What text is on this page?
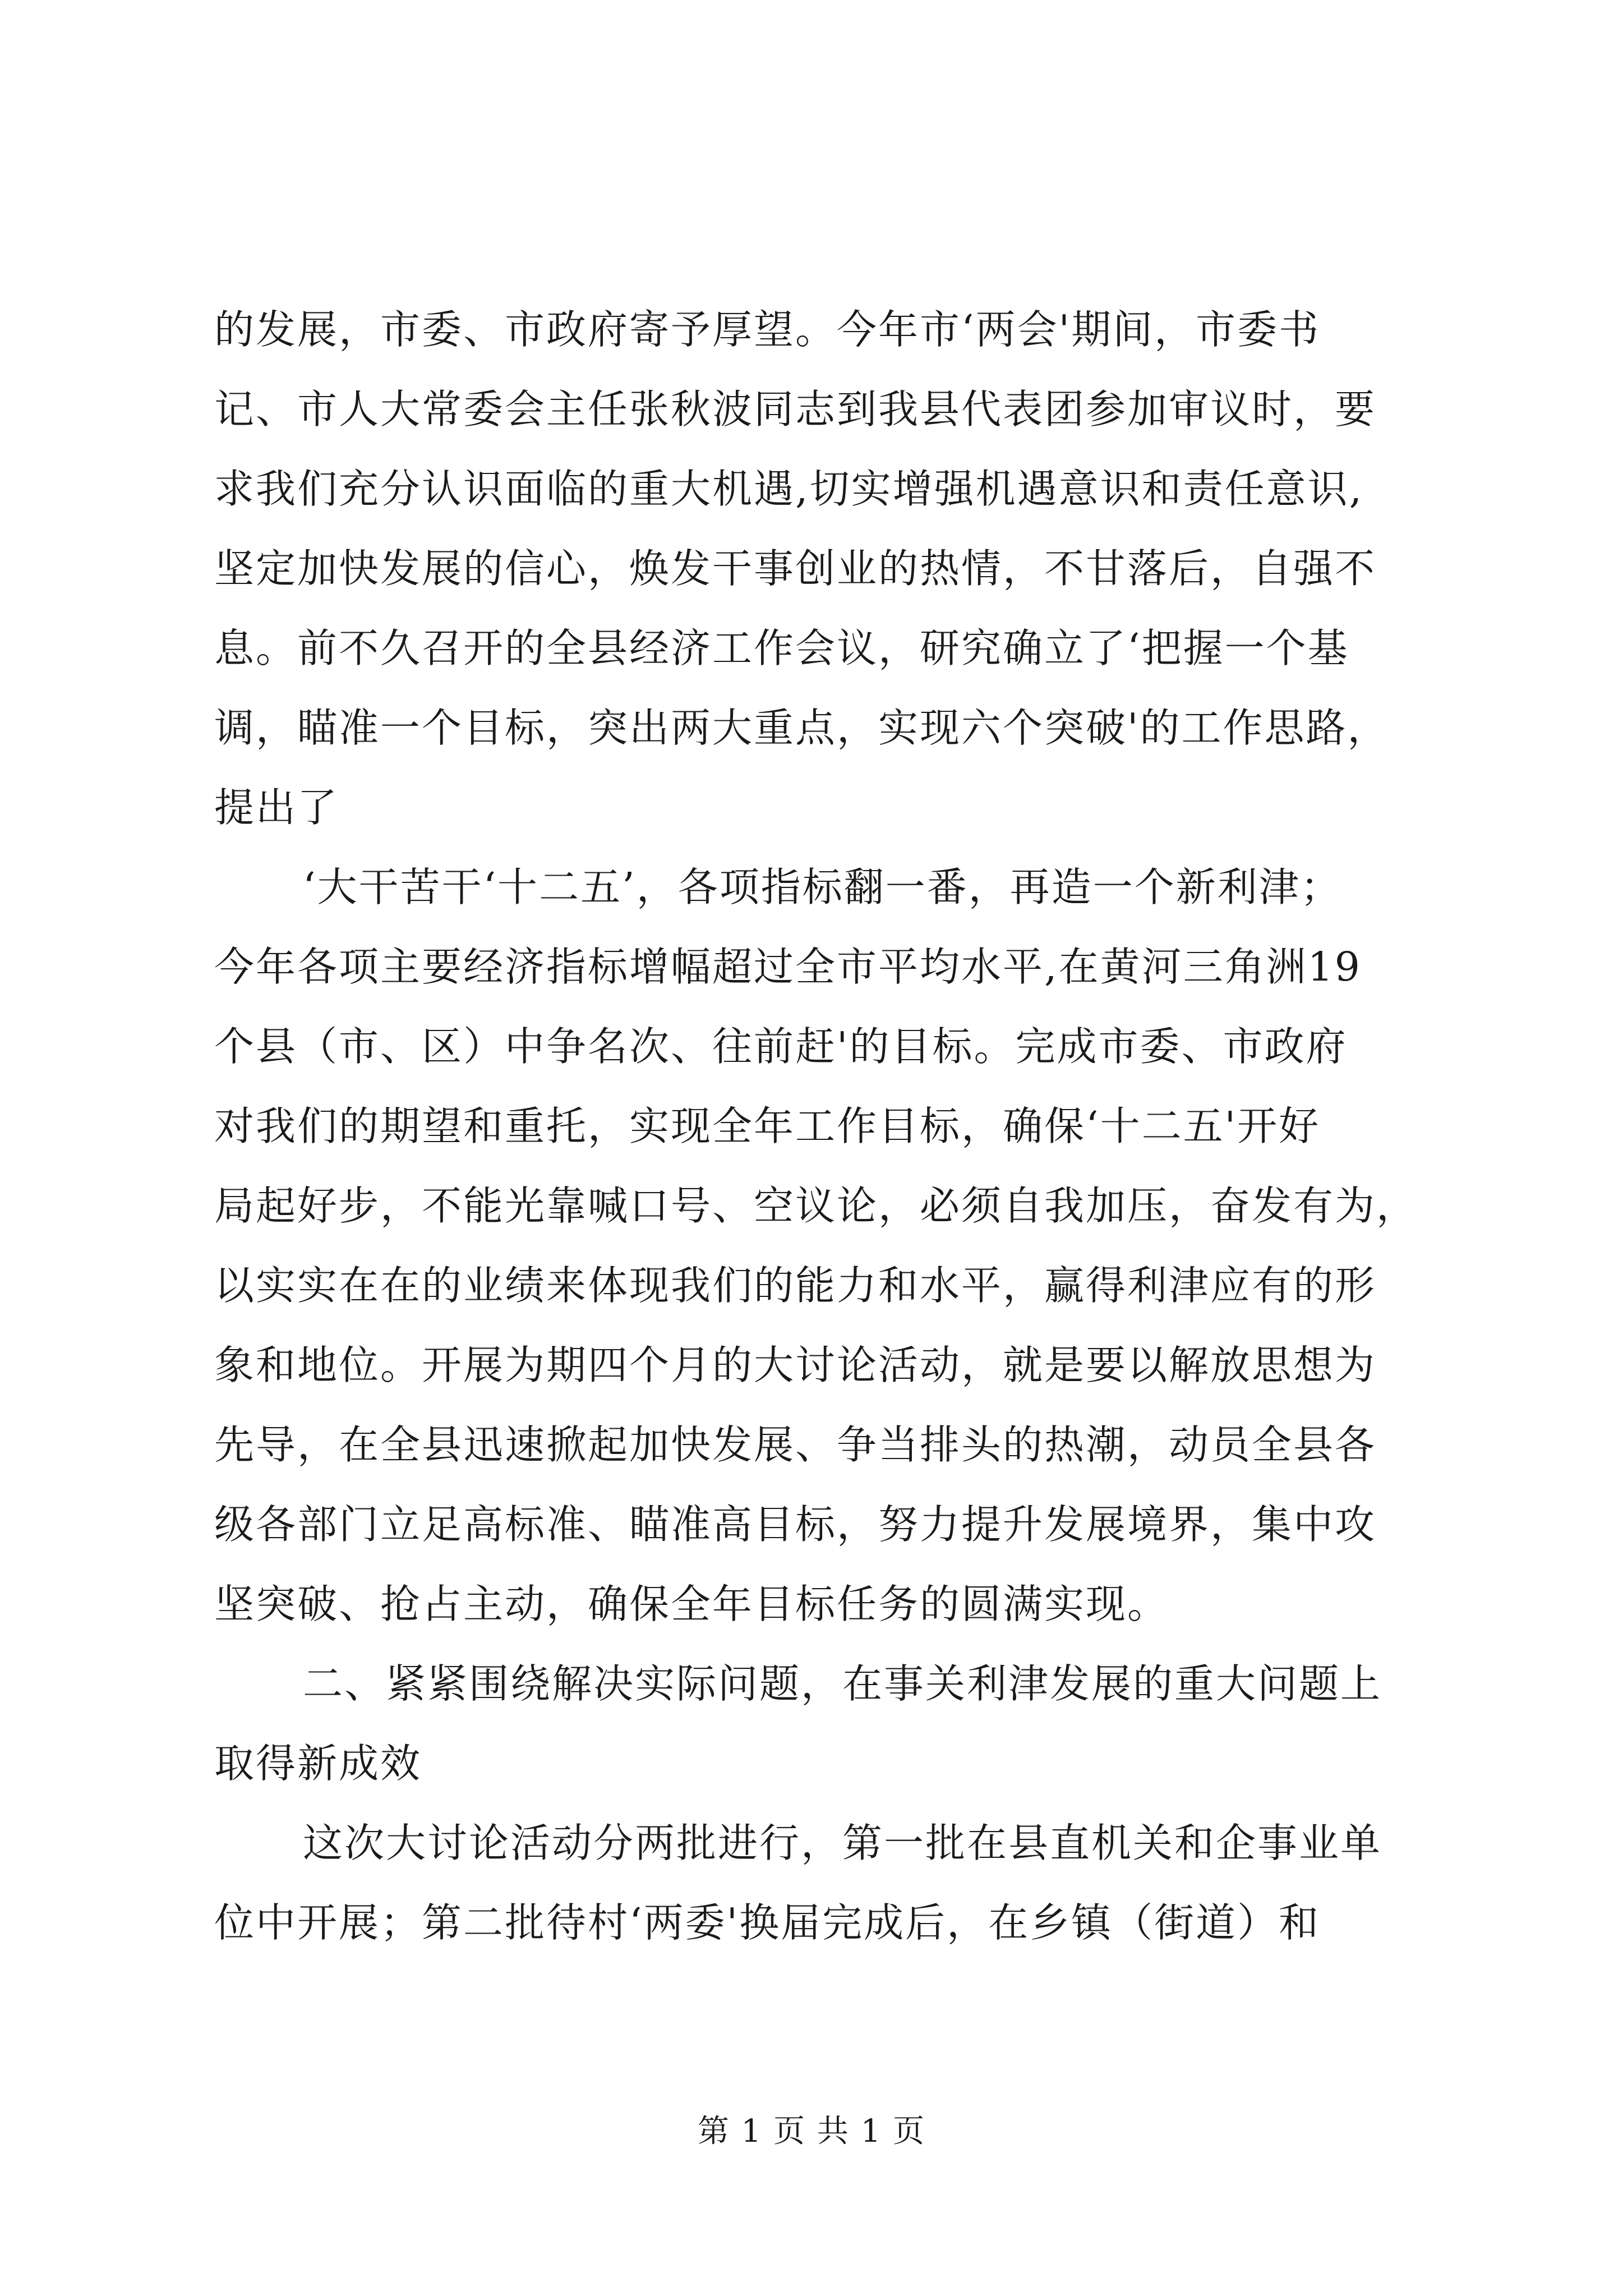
的发展，市委、市政府寄予厚望。今年市‘两会'期间，市委书
记、市人大常委会主任张秋波同志到我县代表团参加审议时，要
求我们充分认识面临的重大机遇,切实增强机遇意识和责任意识,
坚定加快发展的信心，焕发干事创业的热情，不甘落后，自强不
息。前不久召开的全县经济工作会议，研究确立了‘把握一个基
调，瞄准一个目标，突出两大重点，实现六个突破'的工作思路，
提出了
‘大干苦干‘十二五’，各项指标翻一番，再造一个新利津；
今年各项主要经济指标增幅超过全市平均水平,在黄河三角洲19
个县（市、区）中争名次、往前赶'的目标。完成市委、市政府
对我们的期望和重托，实现全年工作目标，确保‘十二五'开好
局起好步，不能光靠喊口号、空议论，必须自我加压，奋发有为，
以实实在在的业绩来体现我们的能力和水平，赢得利津应有的形
象和地位。开展为期四个月的大讨论活动，就是要以解放思想为
先导，在全县迅速掀起加快发展、争当排头的热潮，动员全县各
级各部门立足高标准、瞄准高目标，努力提升发展境界，集中攻
坚突破、抢占主动，确保全年目标任务的圆满实现。
二、紧紧围绕解决实际问题，在事关利津发展的重大问题上
取得新成效
这次大讨论活动分两批进行，第一批在县直机关和企事业单
位中开展；第二批待村‘两委'换届完成后，在乡镇（街道）和
第 1 页 共 1 页
